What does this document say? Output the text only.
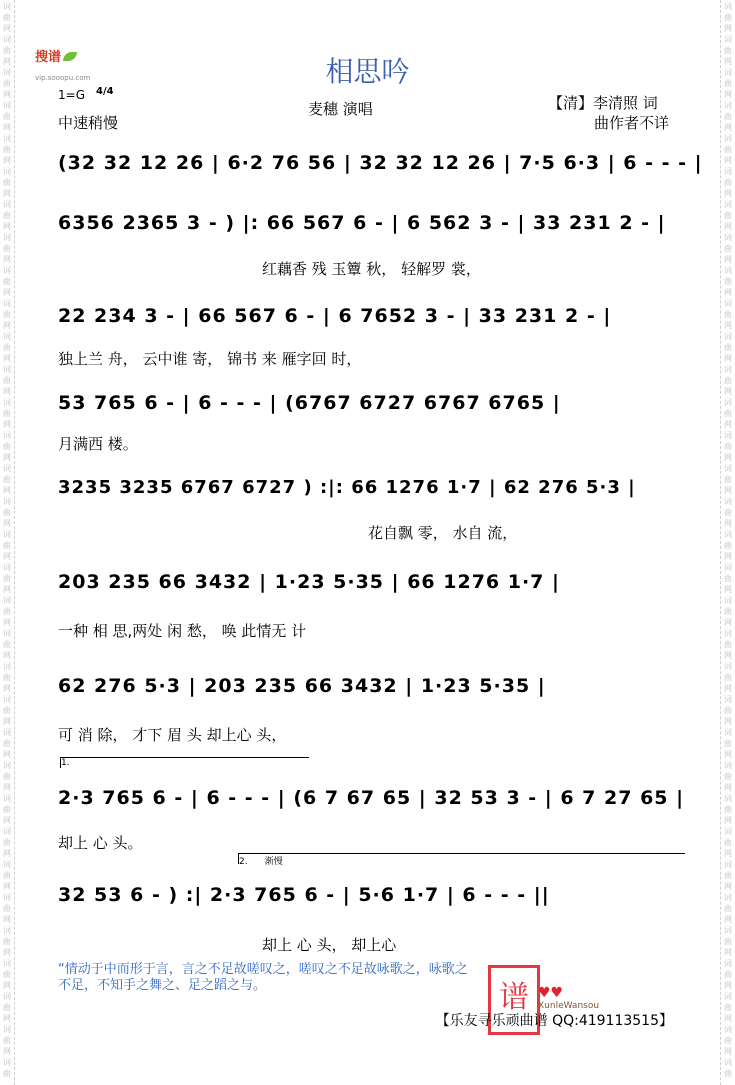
词
曲
网
词
曲
网
词
曲
网
词
曲
网
词
曲
网
词
曲
网
词
曲
网
词
曲
网
词
曲
网
词
曲
网
词
曲
网
词
曲
网
词
曲
网
词
曲
网
词
曲
网
词
曲
网
词
曲
网
词
曲
网
词
曲
网
词
曲
网
词
曲
网
词
曲
网
词
曲
网
词
曲
网
词
曲
网
词
曲
网
词
曲
网
词
曲
网
词
曲
网
词
曲
网
词
曲
网
词
曲
网
词
曲
词
曲
网
词
曲
网
词
曲
网
词
曲
网
词
曲
网
词
曲
网
词
曲
网
词
曲
网
词
曲
网
词
曲
网
词
曲
网
词
曲
网
词
曲
网
词
曲
网
词
曲
网
词
曲
网
词
曲
网
词
曲
网
词
曲
网
词
曲
网
词
曲
网
词
曲
网
词
曲
网
词
曲
网
词
曲
网
词
曲
网
词
曲
网
词
曲
网
词
曲
网
词
曲
网
词
曲
网
词
曲
网
词
曲
搜谱
vip.sooopu.com	相思吟
1=G 4/4
中速稍慢
麦穗 演唱	【清】李清照 词
曲作者不详
(32 32 12 26 | 6·2 76 56 | 32 32 12 26 | 7·5 6·3 | 6 - - - |
6356 2365 3 - ) |: 66 567 6 - | 6 562 3 - | 33 231 2 - |
红藕香 残 玉簟 秋， 轻解罗 裳，
22 234 3 - | 66 567 6 - | 6 7652 3 - | 33 231 2 - |
独上兰 舟， 云中谁 寄， 锦书 来 雁字回 时，
53 765 6 - | 6 - - - | (6767 6727 6767 6765 |
月满西 楼。
3235 3235 6767 6727 ) :|: 66 1276 1·7 | 62 276 5·3 |
花自飘 零， 水自 流，
203 235 66 3432 | 1·23 5·35 | 66 1276 1·7 |
一种 相 思,两处 闲 愁， 唤 此情无 计
62 276 5·3 | 203 235 66 3432 | 1·23 5·35 |
可 消 除， 才下 眉 头 却上心 头，
1.
2·3 765 6 - | 6 - - - | (6 7 67 65 | 32 53 3 - | 6 7 27 65 |
却上 心 头。
2. 渐慢
32 53 6 - ) :| 2·3 765 6 - | 5·6 1·7 | 6 - - - ||
却上 心 头， 却上心
“情动于中而形于言，言之不足故嗟叹之，嗟叹之不足故咏歌之，咏歌之不足，不知手之舞之、足之蹈之与。	谱 ♥♥
XunleWansou
【乐友寻乐顽曲谱 QQ:419113515】
